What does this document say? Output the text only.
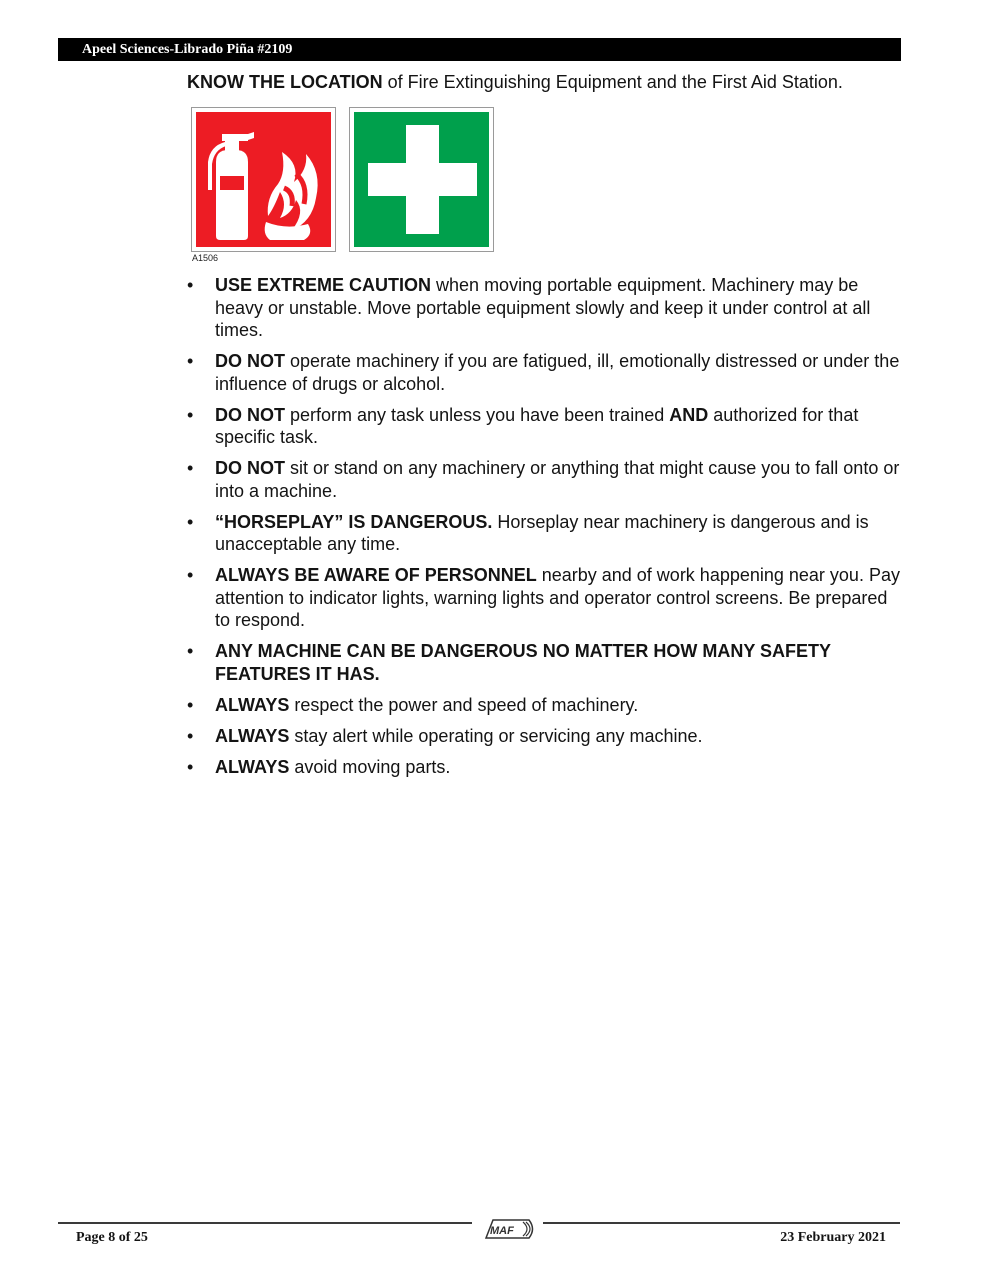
Apeel Sciences-Librado Piña #2109
KNOW THE LOCATION of Fire Extinguishing Equipment and the First Aid Station.
A1506
•	USE EXTREME CAUTION when moving portable equipment. Machinery may be heavy or unstable. Move portable equipment slowly and keep it under control at all times.
•	DO NOT operate machinery if you are fatigued, ill, emotionally distressed or under the influence of drugs or alcohol.
•	DO NOT perform any task unless you have been trained AND authorized for that specific task.
•	DO NOT sit or stand on any machinery or anything that might cause you to fall onto or into a machine.
•	“HORSEPLAY” IS DANGEROUS. Horseplay near machinery is dangerous and is unacceptable any time.
•	ALWAYS BE AWARE OF PERSONNEL nearby and of work happening near you. Pay attention to indicator lights, warning lights and operator control screens. Be prepared to respond.
•	ANY MACHINE CAN BE DANGEROUS NO MATTER HOW MANY SAFETY FEATURES IT HAS.
•	ALWAYS respect the power and speed of machinery.
•	ALWAYS stay alert while operating or servicing any machine.
•	ALWAYS avoid moving parts.
MAF
Page 8 of 25	23 February 2021
